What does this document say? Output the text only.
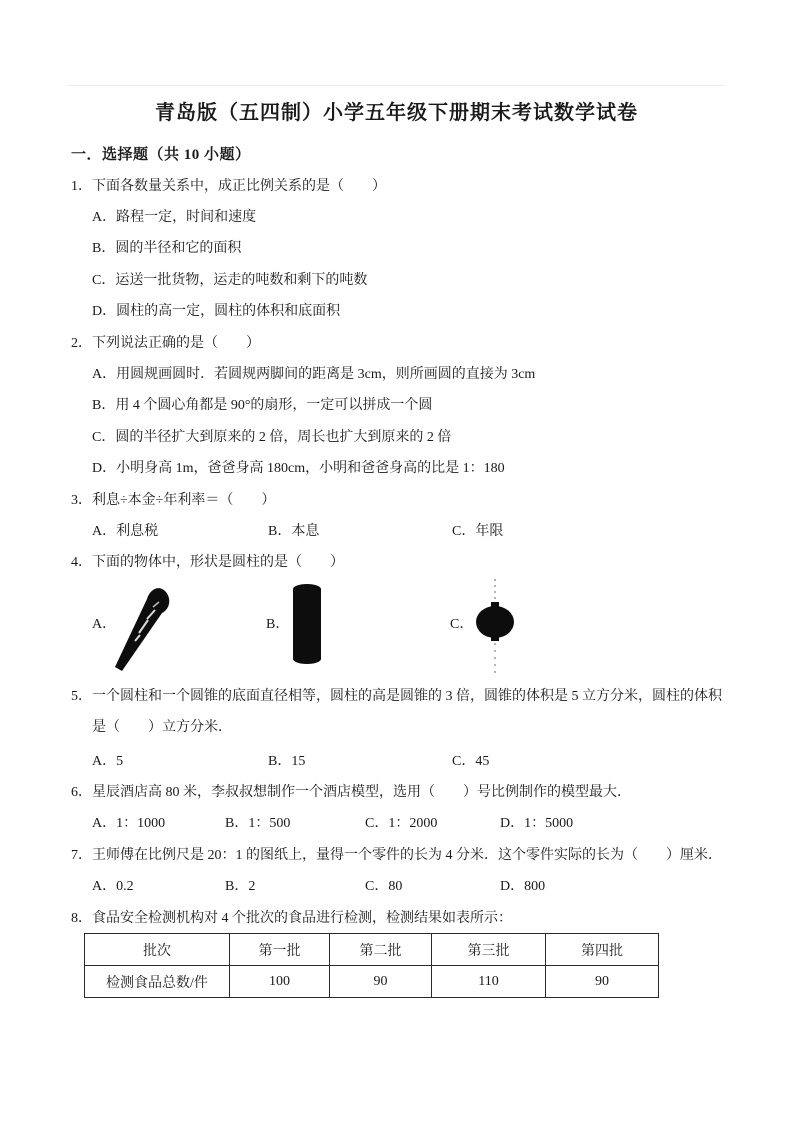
青岛版（五四制）小学五年级下册期末考试数学试卷
一．选择题（共 10 小题）
1．下面各数量关系中，成正比例关系的是（　　）
A．路程一定，时间和速度
B．圆的半径和它的面积
C．运送一批货物，运走的吨数和剩下的吨数
D．圆柱的高一定，圆柱的体积和底面积
2．下列说法正确的是（　　）
A．用圆规画圆时．若圆规两脚间的距离是 3cm，则所画圆的直接为 3cm
B．用 4 个圆心角都是 90°的扇形，一定可以拼成一个圆
C．圆的半径扩大到原来的 2 倍，周长也扩大到原来的 2 倍
D．小明身高 1m，爸爸身高 180cm，小明和爸爸身高的比是 1：180
3．利息÷本金÷年利率＝（　　）
A．利息税	B．本息	C．年限
4．下面的物体中，形状是圆柱的是（　　）
A．	B．	C．
5．一个圆柱和一个圆锥的底面直径相等，圆柱的高是圆锥的 3 倍，圆锥的体积是 5 立方分米，圆柱的体积是（　　）立方分米．
A．5	B．15	C．45
6．星辰酒店高 80 米，李叔叔想制作一个酒店模型，选用（　　）号比例制作的模型最大．
A．1：1000	B．1：500	C．1：2000	D．1：5000
7．王师傅在比例尺是 20：1 的图纸上，量得一个零件的长为 4 分米．这个零件实际的长为（　　）厘米．
A．0.2	B．2	C．80	D．800
8．食品安全检测机构对 4 个批次的食品进行检测，检测结果如表所示：
批次	第一批	第二批	第三批	第四批
检测食品总数/件	100	90	110	90
